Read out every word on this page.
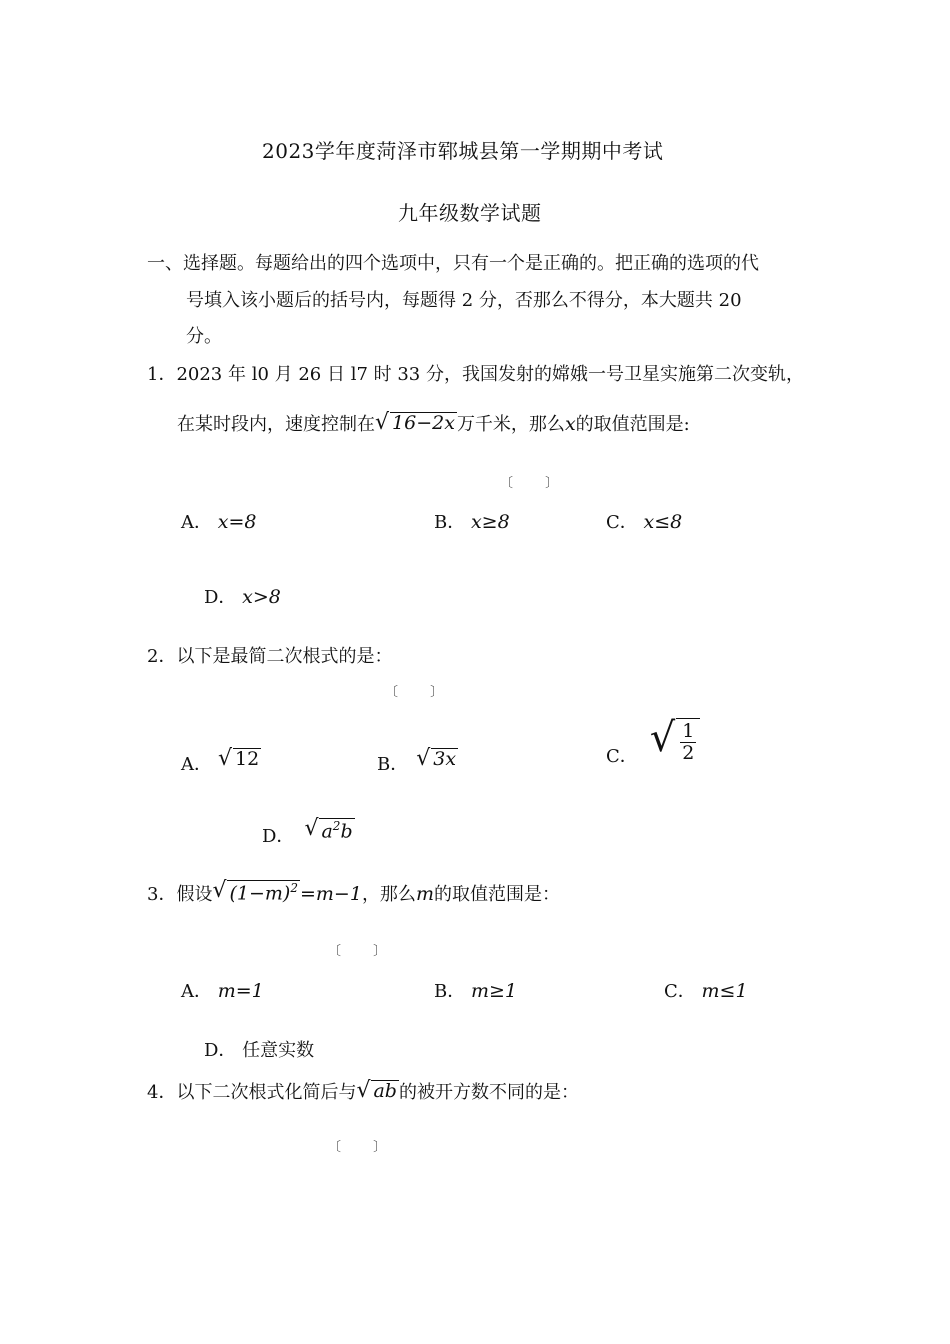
2023学年度菏泽市郓城县第一学期期中考试
九年级数学试题
一、选择题。每题给出的四个选项中，只有一个是正确的。把正确的选项的代
号填入该小题后的括号内，每题得 2 分，否那么不得分，本大题共 20
分。
1．2023 年 l0 月 26 日 l7 时 33 分，我国发射的嫦娥一号卫星实施第二次变轨，
在某时段内，速度控制在 √ 16−2x 万千米，那么 x 的取值范围是:
〔 〕
A． x=8	B． x≥8	C． x≤8
D． x>8
2．以下是最简二次根式的是：
〔 〕
A． √ 12	B． √ 3x	C． √ $\frac{1}{2}$
D． √ $a^2b$
3．假设 √ $(1-m)^2 =m-1$ ，那么 m 的取值范围是：
〔 〕
A． m=1	B． m≥1	C． m≤1
D． 任意实数
4．以下二次根式化简后与 √ ab 的被开方数不同的是：
〔 〕
